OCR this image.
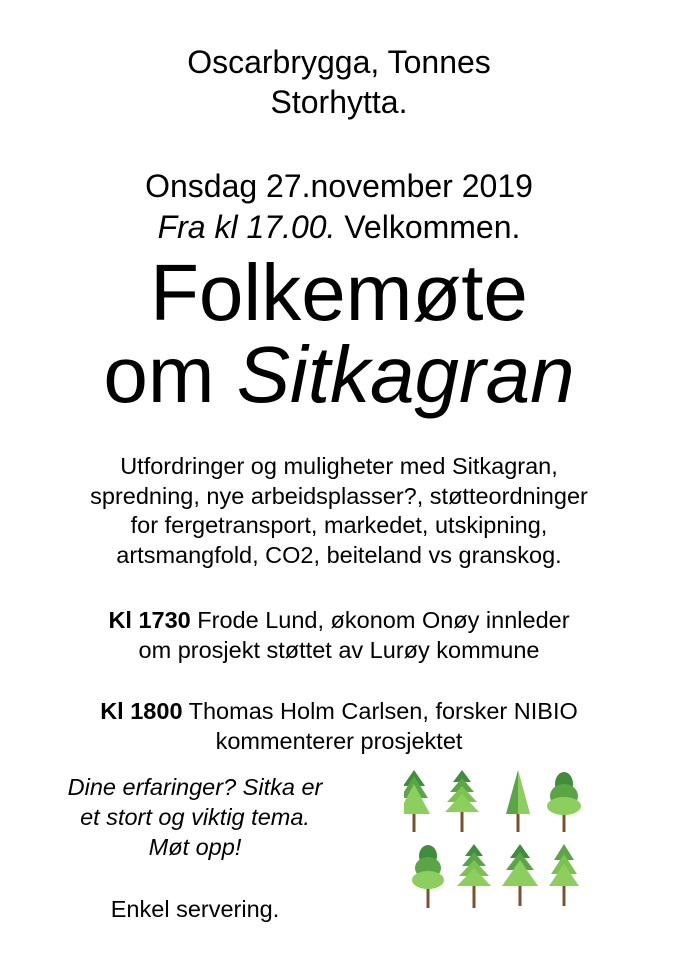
Oscarbrygga, Tonnes
Storhytta.
Onsdag 27.november 2019
Fra kl 17.00. Velkommen.
Folkemøte
om Sitkagran
Utfordringer og muligheter med Sitkagran,
spredning, nye arbeidsplasser?, støtteordninger
for fergetransport, markedet, utskipning,
artsmangfold, CO2, beiteland vs granskog.
Kl 1730 Frode Lund, økonom Onøy innleder
om prosjekt støttet av Lurøy kommune
Kl 1800 Thomas Holm Carlsen, forsker NIBIO
kommenterer prosjektet
Dine erfaringer? Sitka er
et stort og viktig tema.
Møt opp!
Enkel servering.
